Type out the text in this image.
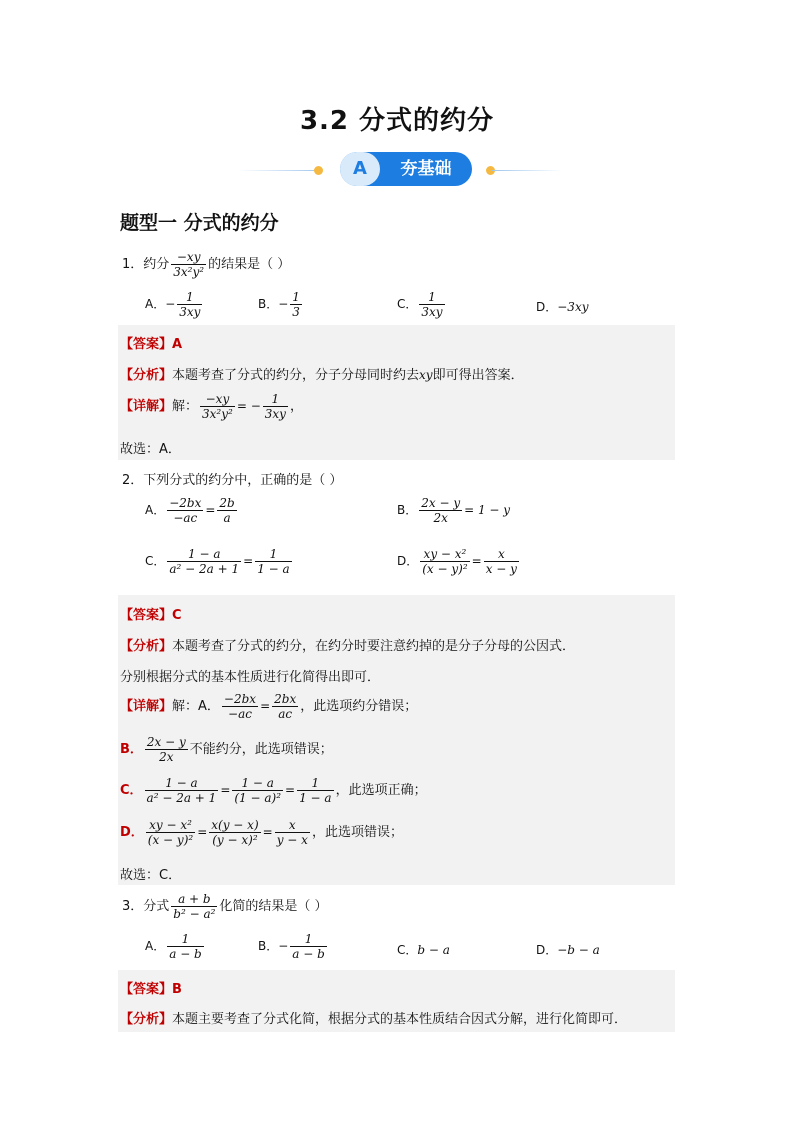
3.2 分式的约分
A	夯基础
题型一 分式的约分
1．约分 $\frac{-xy}{\text{3x²y²}}$ 的结果是（ ）
A．− $\frac{1}{3xy}$	B．− $\frac{1}{3}$	C． $\frac{1}{3xy}$	D．−3xy
【答案】A
【分析】本题考查了分式的约分，分子分母同时约去xy即可得出答案．
【详解】解： $\frac{-xy}{\text{3x²y²}}$ = − $\frac{1}{3xy}$ ，
故选：A．
2．下列分式的约分中，正确的是（ ）
A． $\frac{-2bx}{-ac} = \frac{2b}{a}$	B． $\frac{2x - y}{2x} = 1 - y$
C． $\frac{1 - a}{\text{a² − 2a + 1}} = \frac{1}{1 - a}$	D． $\frac{\text{xy − x²}}{\text{(x − y)²}} = \frac{x}{x - y}$
【答案】C
【分析】本题考查了分式的约分，在约分时要注意约掉的是分子分母的公因式．
分别根据分式的基本性质进行化简得出即可．
【详解】解：A． $\frac{-2bx}{-ac} = \frac{2bx}{ac}$ ，此选项约分错误；
B． $\frac{2x - y}{2x}$ 不能约分，此选项错误；
C． $\frac{1 - a}{\text{a² − 2a + 1}} = \frac{1 - a}{\text{(1 − a)²}} = \frac{1}{1 - a}$ ，此选项正确；
D． $\frac{\text{xy − x²}}{\text{(x − y)²}} = \frac{x(y - x)}{\text{(y − x)²}} = \frac{x}{y - x}$ ，此选项错误；
故选：C．
3．分式 $\frac{a + b}{\text{b² − a²}}$ 化简的结果是（ ）
A． $\frac{1}{a - b}$	B．− $\frac{1}{a - b}$	C．b − a	D．−b − a
【答案】B
【分析】本题主要考查了分式化简，根据分式的基本性质结合因式分解，进行化简即可．
